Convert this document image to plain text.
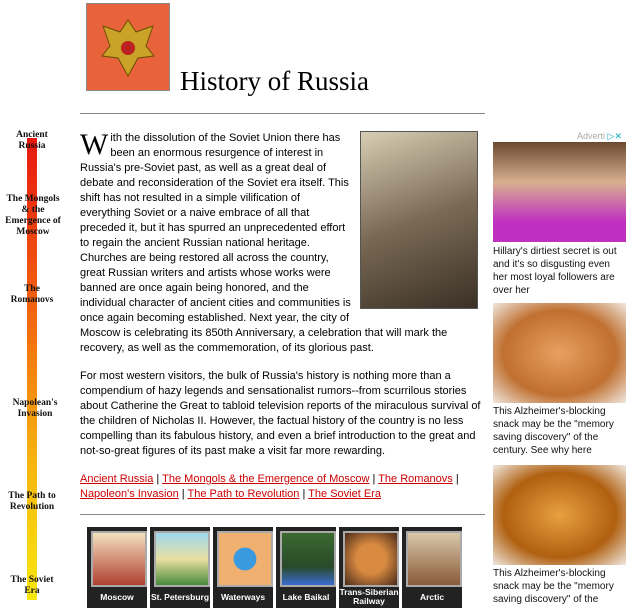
History of Russia
Ancient Russia
The Mongols & the Emergence of Moscow
The Romanovs
Napolean's Invasion
The Path to Revolution
The Soviet Era

With the dissolution of the Soviet Union there has been an enormous resurgence of interest in Russia's pre-Soviet past, as well as a great deal of debate and reconsideration of the Soviet era itself. This shift has not resulted in a simple vilification of everything Soviet or a naive embrace of all that preceded it, but it has spurred an unprecedented effort to regain the ancient Russian national heritage. Churches are being restored all across the country, great Russian writers and artists whose works were banned are once again being honored, and the individual character of ancient cities and communities is once again becoming established. Next year, the city of Moscow is celebrating its 850th Anniversary, a celebration that will mark the recovery, as well as the commemoration, of its glorious past.

For most western visitors, the bulk of Russia's history is nothing more than a compendium of hazy legends and sensationalist rumors--from scurrilous stories about Catherine the Great to tabloid television reports of the miraculous survival of the children of Nicholas II. However, the factual history of the country is no less compelling than its fabulous history, and even a brief introduction to the great and not-so-great figures of its past make a visit far more rewarding.

Ancient Russia | The Mongols & the Emergence of Moscow | The Romanovs | Napoleon's Invasion | The Path to Revolution | The Soviet Era
Moscow	St. Petersburg	Waterways	Lake Baikal	Trans-Siberian Railway	Arctic
Adverti ▷✕
Hillary's dirtiest secret is out and it's so disgusting even her most loyal followers are over her
This Alzheimer's-blocking snack may be the "memory saving discovery" of the century. See why here
This Alzheimer's-blocking snack may be the "memory saving discovery" of the
